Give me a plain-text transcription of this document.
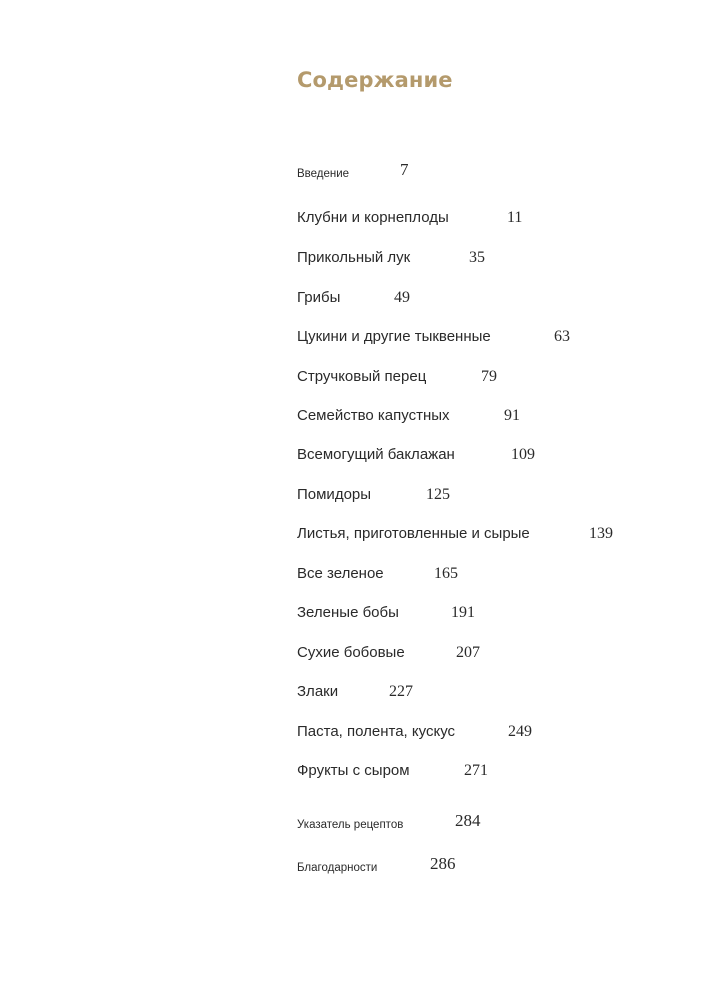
Содержание
Введение	7
Клубни и корнеплоды	11
Прикольный лук	35
Грибы	49
Цукини и другие тыквенные	63
Стручковый перец	79
Семейство капустных	91
Всемогущий баклажан	109
Помидоры	125
Листья, приготовленные и сырые	139
Все зеленое	165
Зеленые бобы	191
Сухие бобовые	207
Злаки	227
Паста, полента, кускус	249
Фрукты с сыром	271
Указатель рецептов	284
Благодарности	286
